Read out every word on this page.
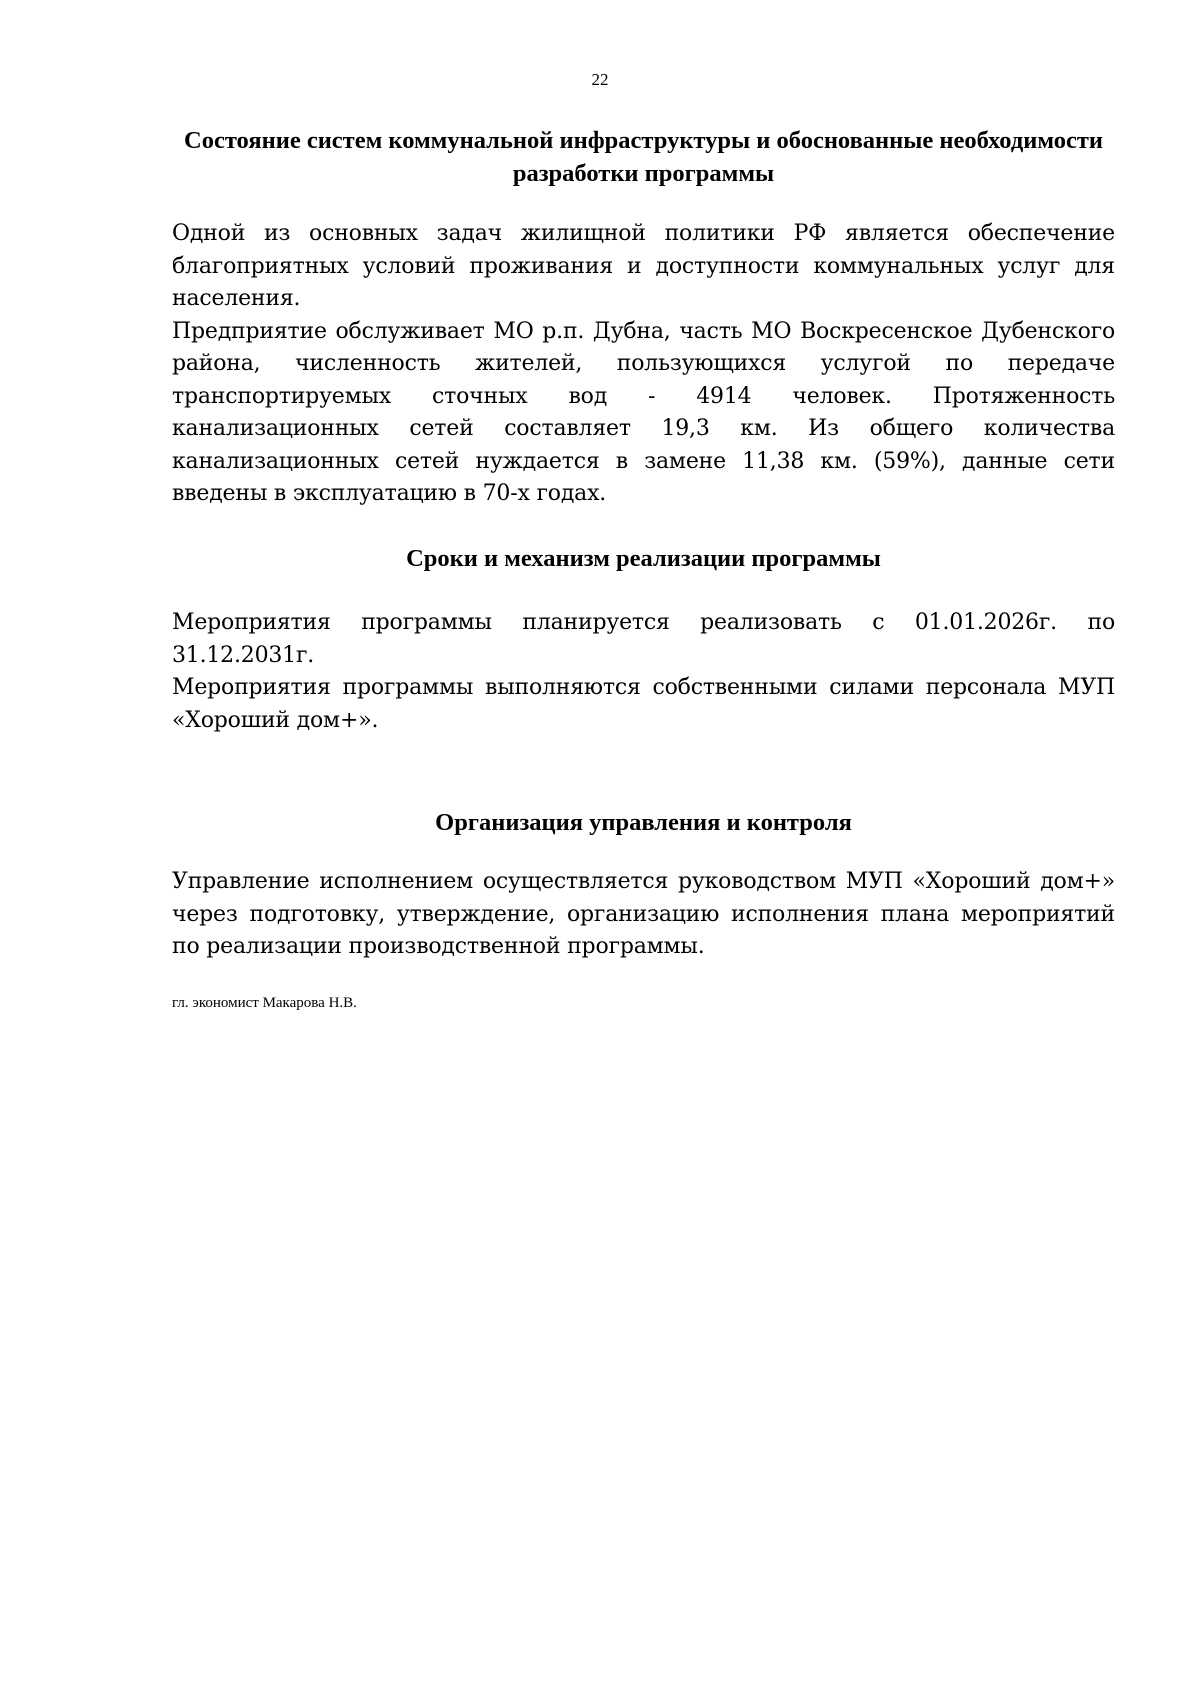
22
Состояние систем коммунальной инфраструктуры и обоснованные необходимости разработки программы

Одной из основных задач жилищной политики РФ является обеспечение благоприятных условий проживания и доступности коммунальных услуг для населения.

Предприятие обслуживает МО р.п. Дубна, часть МО Воскресенское Дубенского района, численность жителей, пользующихся услугой по передаче транспортируемых сточных вод - 4914 человек. Протяженность канализационных сетей составляет 19,3 км. Из общего количества канализационных сетей нуждается в замене 11,38 км. (59%), данные сети введены в эксплуатацию в 70-х годах.

Сроки и механизм реализации программы

Мероприятия программы планируется реализовать с 01.01.2026г. по 31.12.2031г.

Мероприятия программы выполняются собственными силами персонала МУП «Хороший дом+».

Организация управления и контроля

Управление исполнением осуществляется руководством МУП «Хороший дом+» через подготовку, утверждение, организацию исполнения плана мероприятий по реализации производственной программы.

гл. экономист Макарова Н.В.
